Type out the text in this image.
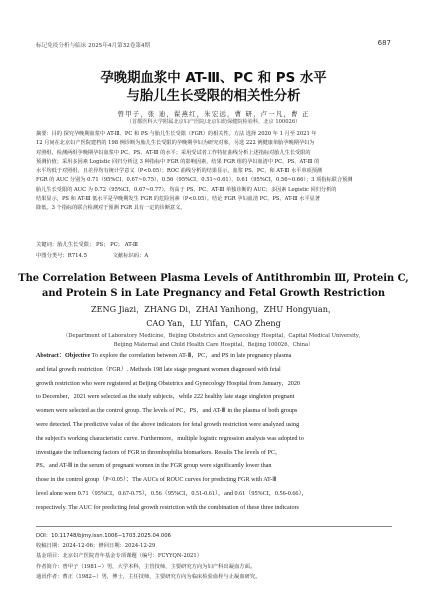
标记免疫分析与临床 2025年4月第32卷第4期	687
孕晚期血浆中 AT-Ⅲ、PC 和 PS 水平
与胎儿生长受限的相关性分析
曾甲子，张 迪，翟燕红，朱宏远，曹 研，卢一凡，曹 正
（首都医科大学附属北京妇产医院/北京妇幼保健院检验科，北京 100026）
摘要：目的 探究孕晚期血浆中 AT-Ⅲ、PC 和 PS 与胎儿生长受限（FGR）的相关性。方法 选择 2020 年 1 月至 2021 年
12 月间在北京妇产医院建档的 198 例诊断为胎儿生长受限的孕晚期孕妇为研究对象，另选 222 例健康单胎孕晚期孕妇为
对照组，检测两组孕晚期孕妇血浆中 PC、PS、AT-Ⅲ 的水平；采用受试者工作特征曲线分析上述指标对胎儿生长受限的
预测价值；采用多因素 Logistic 回归分析这 3 种指标中 FGR 的影响因素。结果 FGR 组的孕妇血清中 PC、PS、AT-Ⅲ 的
水平均低于对照组，且差异均有统计学意义（P<0.05）；ROC 曲线分析的结果显示，血浆 PS、PC，和 AT-Ⅲ 水平单项预测
FGR 的 AUC 分别为 0.71（95%CI，0.67~0.75），0.56（95%CI，0.51~0.61），0.61（95%CI，0.56~0.66）；3 项指标联合预测
胎儿生长受限的 AUC 为 0.72（95%CI，0.67~0.77），均高于 PS、PC、AT-Ⅲ 单独诊断的 AUC；多因素 Logistic 回归分析的
结果显示，PS 和 AT-Ⅲ 低水平是孕晚期发生 FGR 的危险因素（P<0.05）。结论 FGR 孕妇血清 PC、PS、AT-Ⅲ 水平显著
降低，3 个指标的联合检测对于预测 FGR 具有一定的诊断意义。
关键词：胎儿生长受限； PS； PC； AT-Ⅲ
中图分类号：R714.5	文献标识码：A
The Correlation Between Plasma Levels of Antithrombin Ⅲ, Protein C,
and Protein S in Late Pregnancy and Fetal Growth Restriction
ZENG Jiazi，ZHANG Di，ZHAI Yanhong，ZHU Hongyuan，
CAO Yan，LU Yifan，CAO Zheng
（Department of Laboratory Medicine，Beijing Obstetrics and Gynecology Hospital，Capital Medical University，
Beijing Maternal and Child Health Care Hospital，Beijing 100026，China）
Abstract：Objective To explore the correlation between AT-Ⅲ，PC，and PS in late pregnancy plasma
and fetal growth restriction（FGR）. Methods 198 late stage pregnant women diagnosed with fetal
growth restriction who were registered at Beijing Obstetrics and Gynecology Hospital from January，2020
to December，2021 were selected as the study subjects，while 222 healthy late stage singleton pregnant
women were selected as the control group. The levels of PC，PS，and AT-Ⅲ in the plasma of both groups
were detected. The predictive value of the above indicators for fetal growth restriction were analyzed using
the subject's working characteristic curve. Furthermore，multiple logistic regression analysis was adopted to
investigate the influencing factors of FGR in thrombophilia biomarkers. Results The levels of PC，
PS，and AT-Ⅲ in the serum of pregnant women in the FGR group were significantly lower than
those in the control group（P<0.05）；The AUCs of ROUC curves for predicting FGR with AT-Ⅲ
level alone were 0.71（95%CI，0.67-0.75），0.56（95%CI，0.51-0.61），and 0.61（95%CI，0.56-0.66），
respectively. The AUC for predicting fetal growth restriction with the combination of these three indicators
DOI：10.11748/bjmy.issn.1006−1703.2025.04.006
收稿日期：2024-12-06；修回日期：2024-12-29
基金项目：北京妇产医院青年基金专项课题（编号：FCYYQN-2021）
作者简介：曾甲子（1981−）男，大学本科，主管技师，主要研究方向为妇产科出凝血方面。
通讯作者：曹正（1982−）男，博士，主任技师，主要研究方向为临床检验血栓与止凝血研究。
